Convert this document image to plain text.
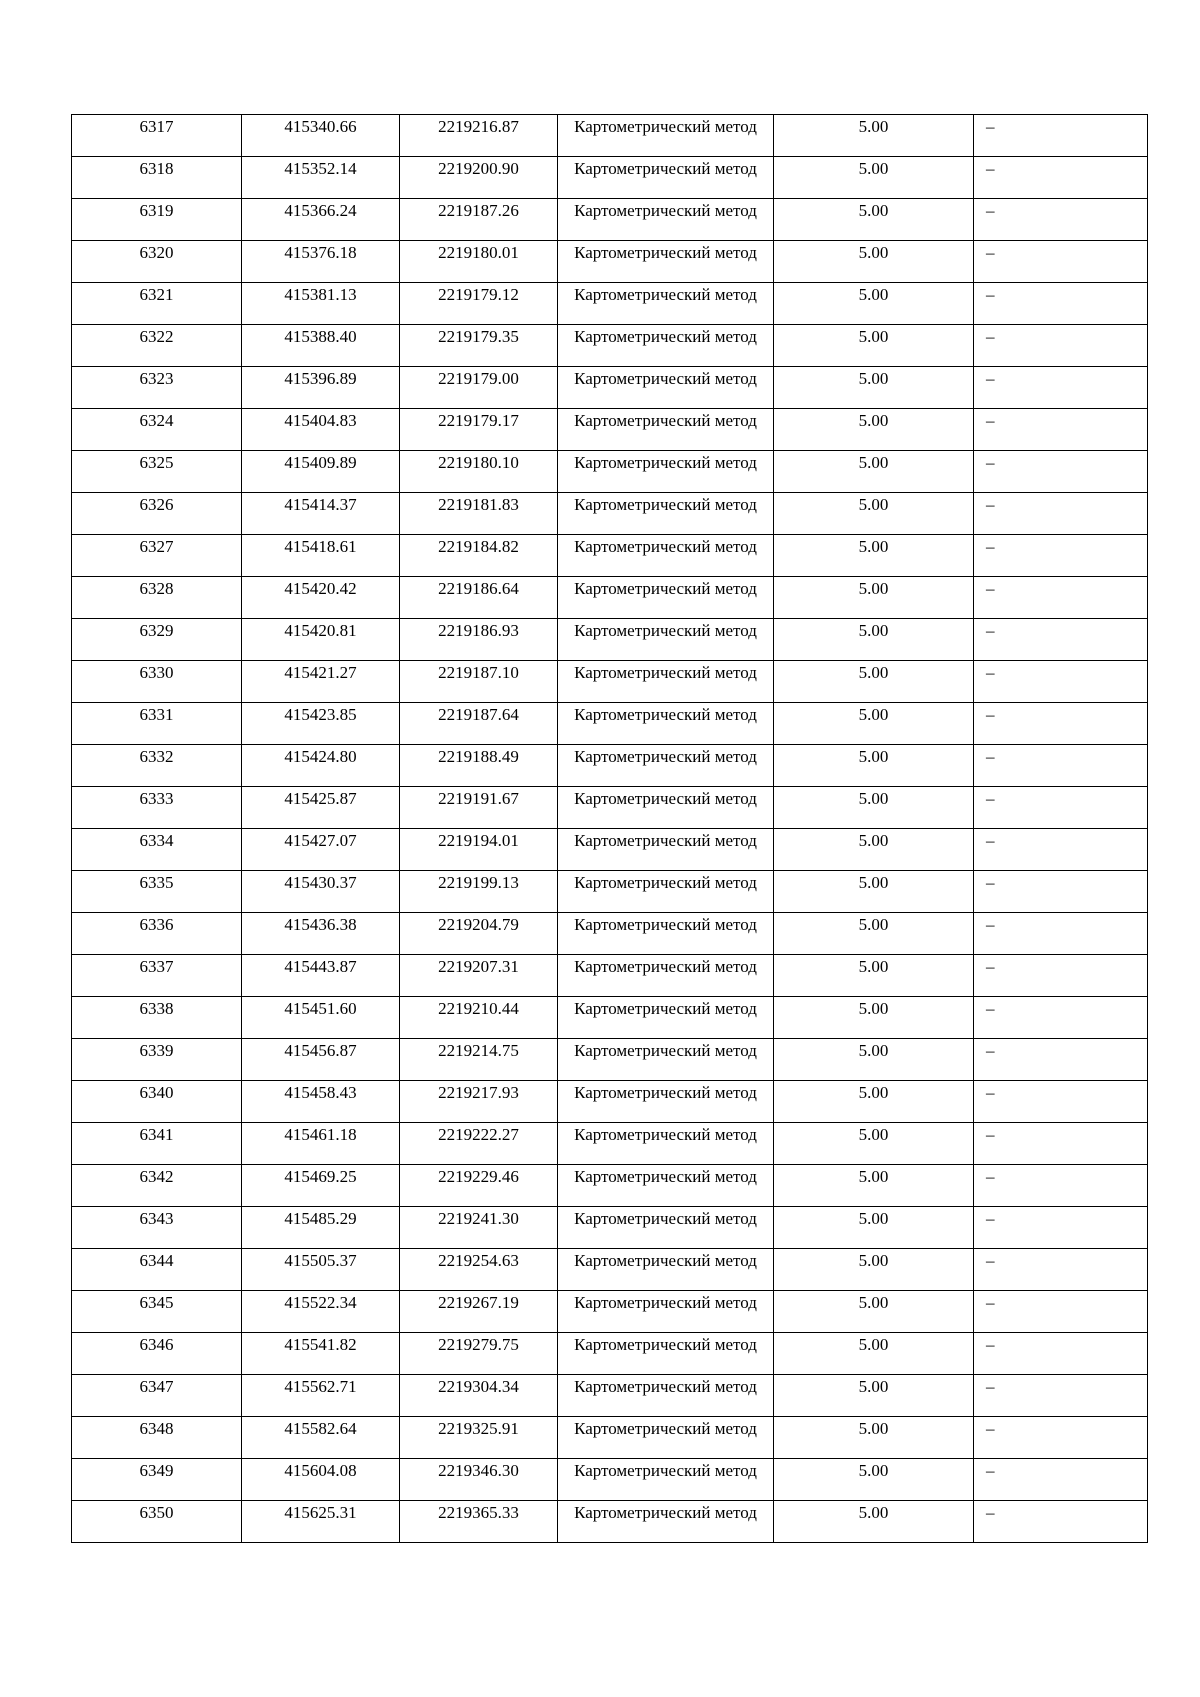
6317	415340.66	2219216.87	Картометрический метод	5.00	–
6318	415352.14	2219200.90	Картометрический метод	5.00	–
6319	415366.24	2219187.26	Картометрический метод	5.00	–
6320	415376.18	2219180.01	Картометрический метод	5.00	–
6321	415381.13	2219179.12	Картометрический метод	5.00	–
6322	415388.40	2219179.35	Картометрический метод	5.00	–
6323	415396.89	2219179.00	Картометрический метод	5.00	–
6324	415404.83	2219179.17	Картометрический метод	5.00	–
6325	415409.89	2219180.10	Картометрический метод	5.00	–
6326	415414.37	2219181.83	Картометрический метод	5.00	–
6327	415418.61	2219184.82	Картометрический метод	5.00	–
6328	415420.42	2219186.64	Картометрический метод	5.00	–
6329	415420.81	2219186.93	Картометрический метод	5.00	–
6330	415421.27	2219187.10	Картометрический метод	5.00	–
6331	415423.85	2219187.64	Картометрический метод	5.00	–
6332	415424.80	2219188.49	Картометрический метод	5.00	–
6333	415425.87	2219191.67	Картометрический метод	5.00	–
6334	415427.07	2219194.01	Картометрический метод	5.00	–
6335	415430.37	2219199.13	Картометрический метод	5.00	–
6336	415436.38	2219204.79	Картометрический метод	5.00	–
6337	415443.87	2219207.31	Картометрический метод	5.00	–
6338	415451.60	2219210.44	Картометрический метод	5.00	–
6339	415456.87	2219214.75	Картометрический метод	5.00	–
6340	415458.43	2219217.93	Картометрический метод	5.00	–
6341	415461.18	2219222.27	Картометрический метод	5.00	–
6342	415469.25	2219229.46	Картометрический метод	5.00	–
6343	415485.29	2219241.30	Картометрический метод	5.00	–
6344	415505.37	2219254.63	Картометрический метод	5.00	–
6345	415522.34	2219267.19	Картометрический метод	5.00	–
6346	415541.82	2219279.75	Картометрический метод	5.00	–
6347	415562.71	2219304.34	Картометрический метод	5.00	–
6348	415582.64	2219325.91	Картометрический метод	5.00	–
6349	415604.08	2219346.30	Картометрический метод	5.00	–
6350	415625.31	2219365.33	Картометрический метод	5.00	–
